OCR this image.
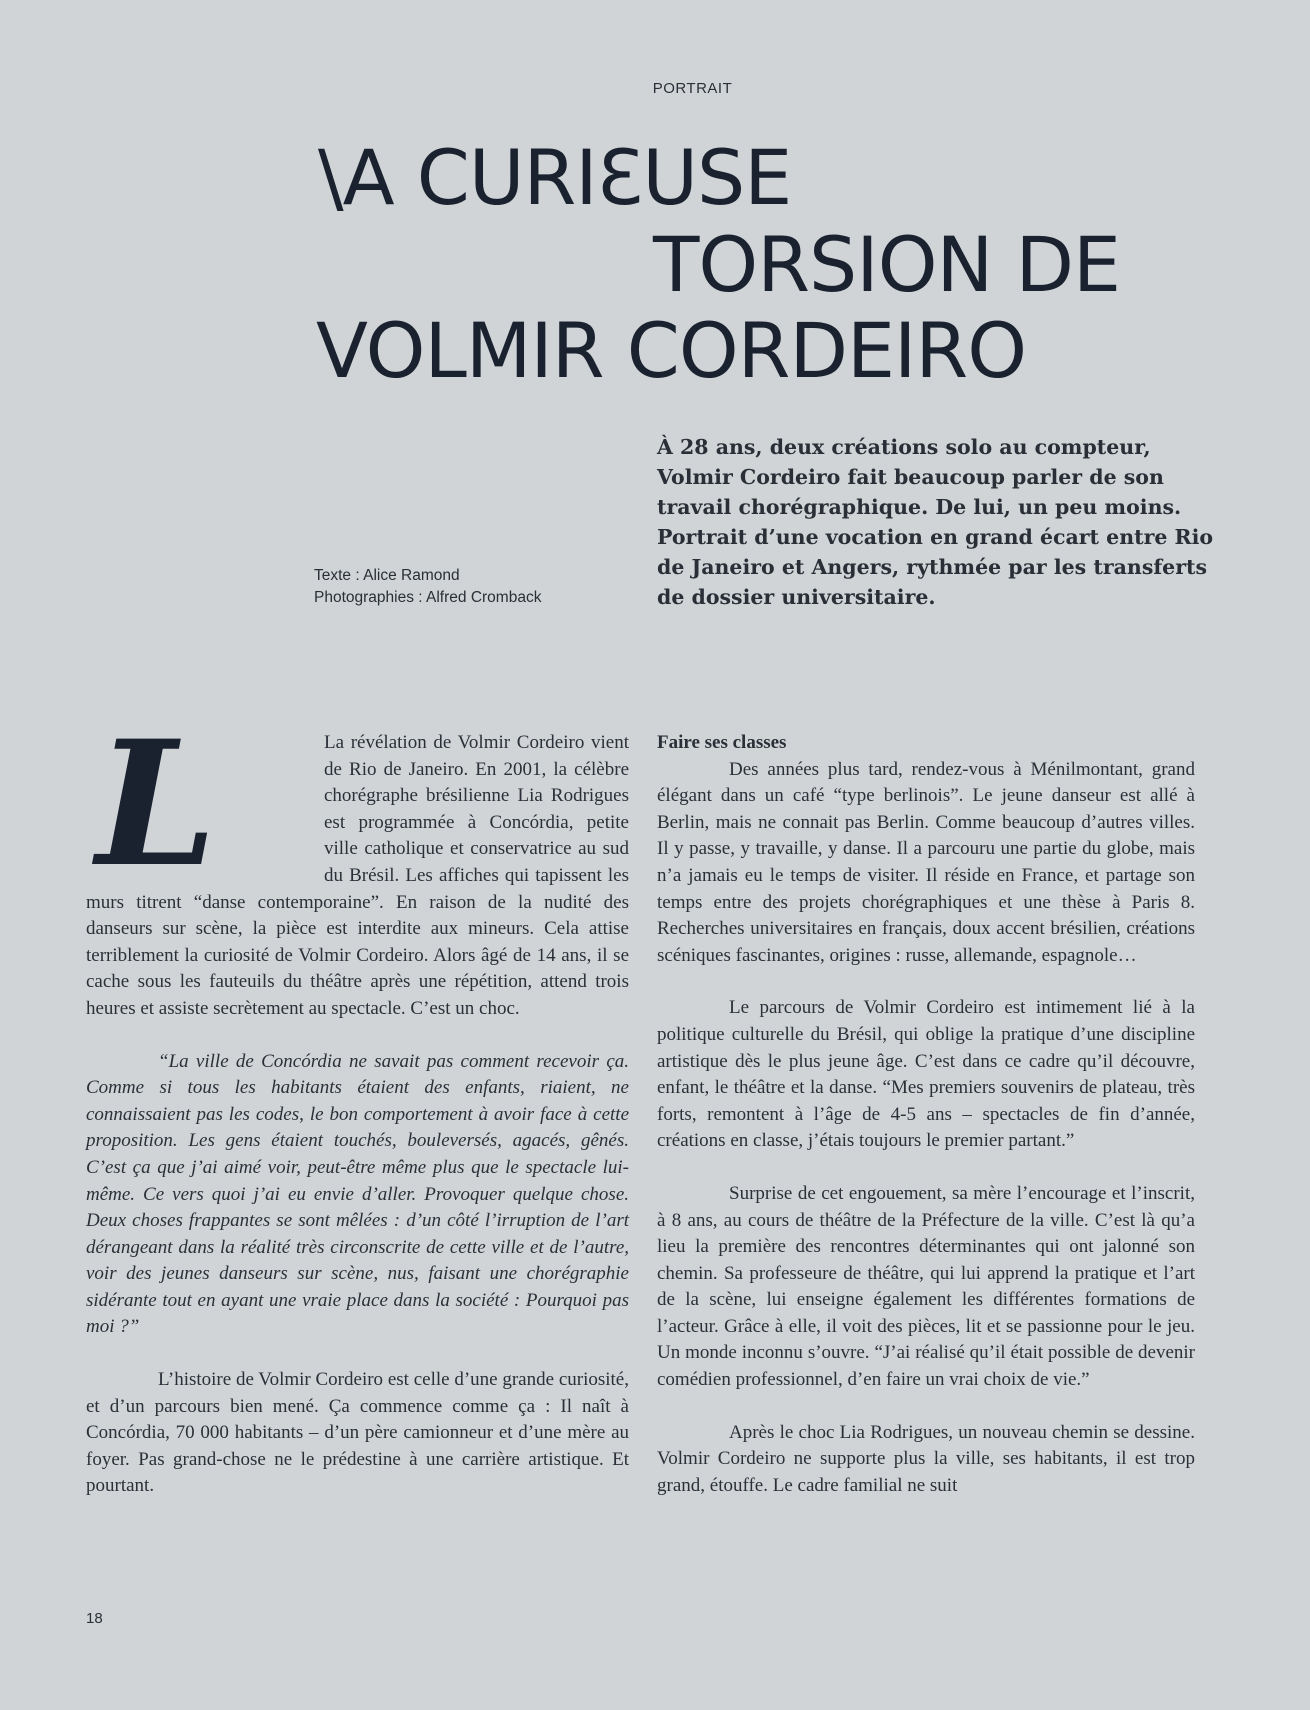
PORTRAIT
\A CURIƐUSE
TORSION DE
VOLMIR CORDEIRO
Texte : Alice Ramond
Photographies : Alfred Cromback
À 28 ans, deux créations solo au compteur, Volmir Cordeiro fait beaucoup parler de son travail chorégraphique. De lui, un peu moins. Portrait d’une vocation en grand écart entre Rio de Janeiro et Angers, rythmée par les transferts de dossier universitaire.
L	La révélation de Volmir Cordeiro vient de Rio de Janeiro. En 2001, la célèbre chorégraphe brésilienne Lia Rodrigues est programmée à Concórdia, petite ville catholique et conservatrice au sud du Brésil. Les affiches qui tapissent les murs titrent “danse contemporaine”. En raison de la nudité des danseurs sur scène, la pièce est interdite aux mineurs. Cela attise terriblement la curiosité de Volmir Cordeiro. Alors âgé de 14 ans, il se cache sous les fauteuils du théâtre après une répétition, attend trois heures et assiste secrètement au spectacle. C’est un choc.

“La ville de Concórdia ne savait pas comment recevoir ça. Comme si tous les habitants étaient des enfants, riaient, ne connaissaient pas les codes, le bon comportement à avoir face à cette proposition. Les gens étaient touchés, bouleversés, agacés, gênés. C’est ça que j’ai aimé voir, peut-être même plus que le spectacle lui-même. Ce vers quoi j’ai eu envie d’aller. Provoquer quelque chose. Deux choses frappantes se sont mêlées : d’un côté l’irruption de l’art dérangeant dans la réalité très circonscrite de cette ville et de l’autre, voir des jeunes danseurs sur scène, nus, faisant une chorégraphie sidérante tout en ayant une vraie place dans la société : Pourquoi pas moi ?”

L’histoire de Volmir Cordeiro est celle d’une grande curiosité, et d’un parcours bien mené. Ça commence comme ça : Il naît à Concórdia, 70 000 habitants – d’un père camionneur et d’une mère au foyer. Pas grand-chose ne le prédestine à une carrière artistique. Et pourtant.

Faire ses classes

Des années plus tard, rendez-vous à Ménilmontant, grand élégant dans un café “type berlinois”. Le jeune danseur est allé à Berlin, mais ne connait pas Berlin. Comme beaucoup d’autres villes. Il y passe, y travaille, y danse. Il a parcouru une partie du globe, mais n’a jamais eu le temps de visiter. Il réside en France, et partage son temps entre des projets chorégraphiques et une thèse à Paris 8. Recherches universitaires en français, doux accent brésilien, créations scéniques fascinantes, origines : russe, allemande, espagnole…

Le parcours de Volmir Cordeiro est intimement lié à la politique culturelle du Brésil, qui oblige la pratique d’une discipline artistique dès le plus jeune âge. C’est dans ce cadre qu’il découvre, enfant, le théâtre et la danse. “Mes premiers souvenirs de plateau, très forts, remontent à l’âge de 4-5 ans – spectacles de fin d’année, créations en classe, j’étais toujours le premier partant.”

Surprise de cet engouement, sa mère l’encourage et l’inscrit, à 8 ans, au cours de théâtre de la Préfecture de la ville. C’est là qu’a lieu la première des rencontres déterminantes qui ont jalonné son chemin. Sa professeure de théâtre, qui lui apprend la pratique et l’art de la scène, lui enseigne également les différentes formations de l’acteur. Grâce à elle, il voit des pièces, lit et se passionne pour le jeu. Un monde inconnu s’ouvre. “J’ai réalisé qu’il était possible de devenir comédien professionnel, d’en faire un vrai choix de vie.”

Après le choc Lia Rodrigues, un nouveau chemin se dessine. Volmir Cordeiro ne supporte plus la ville, ses habitants, il est trop grand, étouffe. Le cadre familial ne suit

18
